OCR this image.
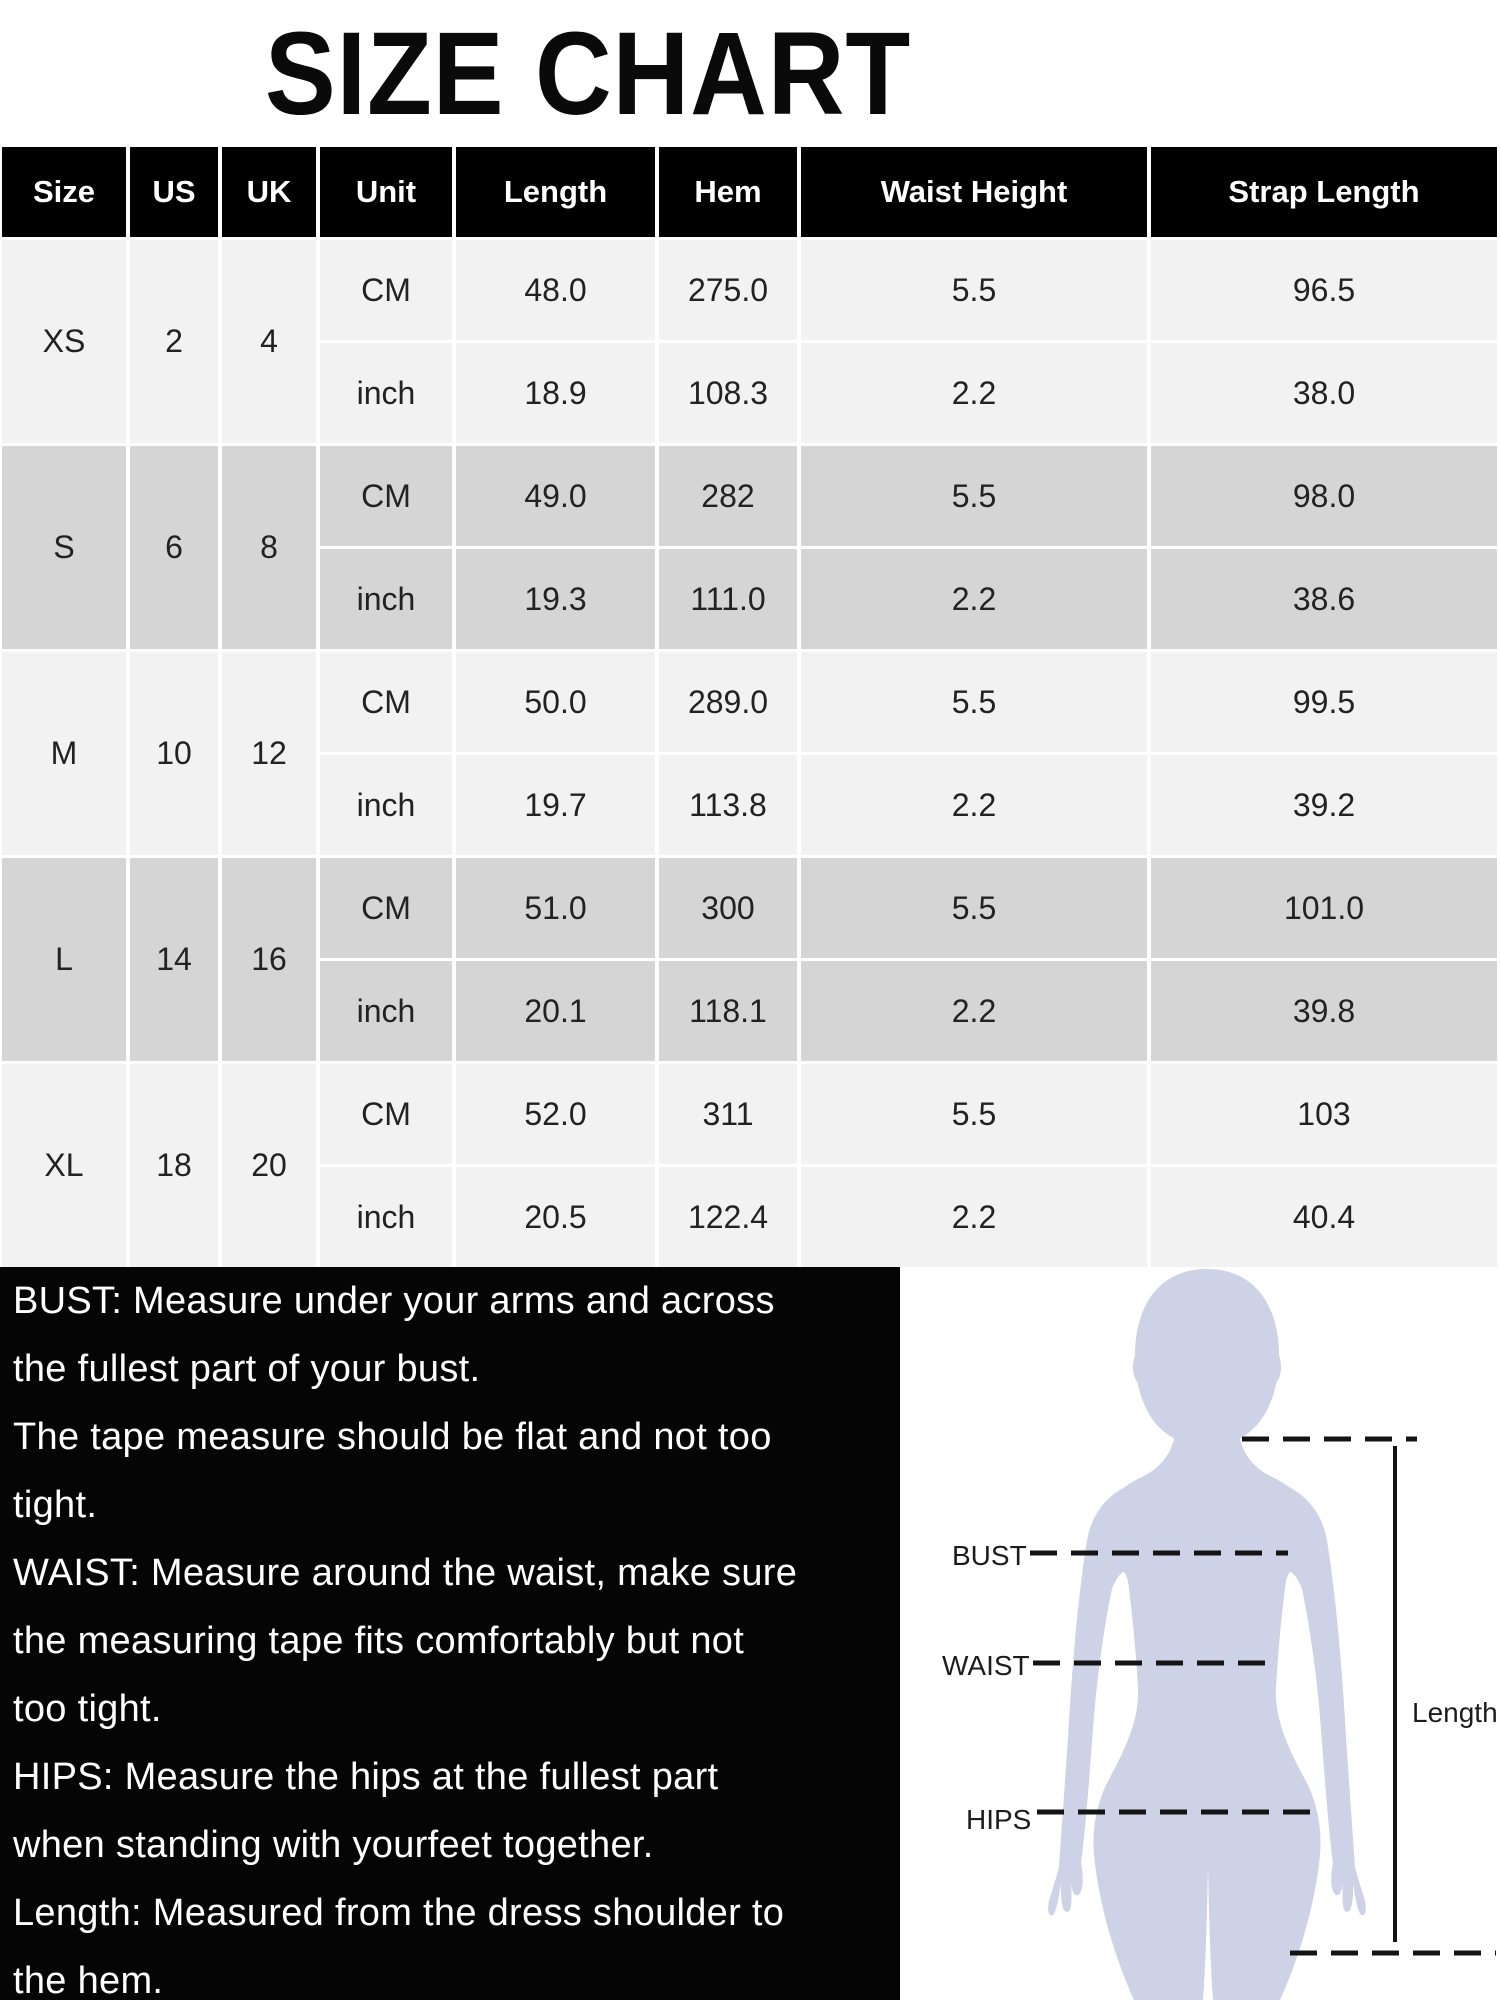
SIZE CHART
Size	US	UK	Unit	Length	Hem	Waist Height	Strap Length
XS	2	4
CM	48.0	275.0	5.5	96.5
inch	18.9	108.3	2.2	38.0
S	6	8
CM	49.0	282	5.5	98.0
inch	19.3	111.0	2.2	38.6
M	10	12
CM	50.0	289.0	5.5	99.5
inch	19.7	113.8	2.2	39.2
L	14	16
CM	51.0	300	5.5	101.0
inch	20.1	118.1	2.2	39.8
XL	18	20
CM	52.0	311	5.5	103
inch	20.5	122.4	2.2	40.4
BUST: Measure under your arms and across
the fullest part of your bust.
The tape measure should be flat and not too
tight.
WAIST: Measure around the waist, make sure
the measuring tape fits comfortably but not
too tight.
HIPS: Measure the hips at the fullest part
when standing with yourfeet together.
Length: Measured from the dress shoulder to
the hem.
BUST
WAIST
HIPS
Length
